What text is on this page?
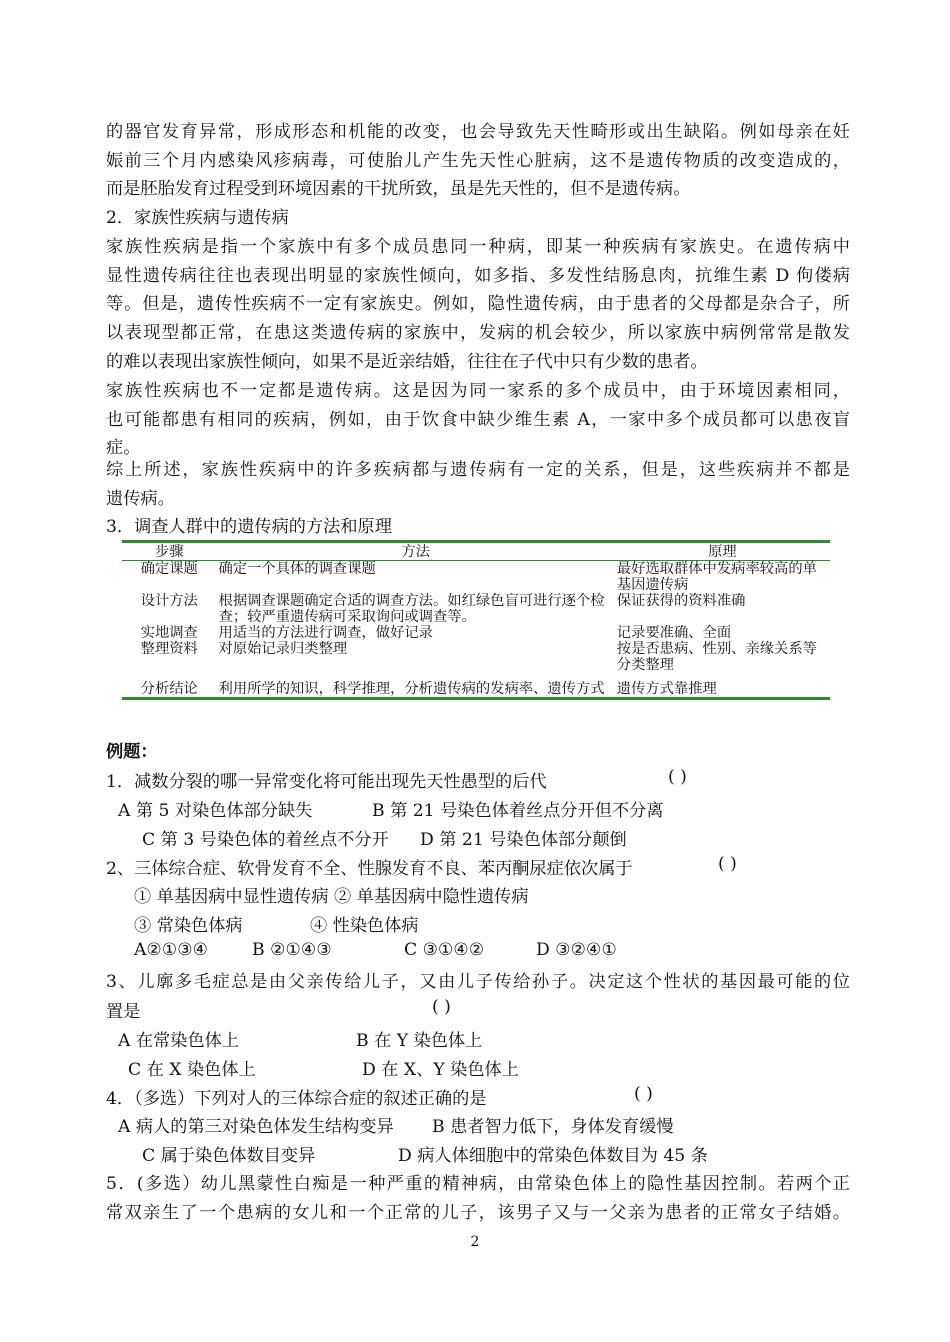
的器官发育异常，形成形态和机能的改变，也会导致先天性畸形或出生缺陷。例如母亲在妊
娠前三个月内感染风疹病毒，可使胎儿产生先天性心脏病，这不是遗传物质的改变造成的，
而是胚胎发育过程受到环境因素的干扰所致，虽是先天性的，但不是遗传病。
2．家族性疾病与遗传病
家族性疾病是指一个家族中有多个成员患同一种病，即某一种疾病有家族史。在遗传病中
显性遗传病往往也表现出明显的家族性倾向，如多指、多发性结肠息肉，抗维生素 D 佝偻病
等。但是，遗传性疾病不一定有家族史。例如，隐性遗传病，由于患者的父母都是杂合子，所
以表现型都正常，在患这类遗传病的家族中，发病的机会较少，所以家族中病例常常是散发
的难以表现出家族性倾向，如果不是近亲结婚，往往在子代中只有少数的患者。
家族性疾病也不一定都是遗传病。这是因为同一家系的多个成员中，由于环境因素相同，
也可能都患有相同的疾病，例如，由于饮食中缺少维生素 A，一家中多个成员都可以患夜盲
症。
综上所述，家族性疾病中的许多疾病都与遗传病有一定的关系，但是，这些疾病并不都是
遗传病。
3．调查人群中的遗传病的方法和原理
步骤	方法	原理
确定课题	确定一个具体的调查课题	最好选取群体中发病率较高的单基因遗传病
设计方法	根据调查课题确定合适的调查方法。如红绿色盲可进行逐个检查；较严重遗传病可采取询问或调查等。	保证获得的资料准确
实地调查	用适当的方法进行调查，做好记录	记录要准确、全面
整理资料	对原始记录归类整理	按是否患病、性别、亲缘关系等分类整理
分析结论	利用所学的知识，科学推理，分析遗传病的发病率、遗传方式	遗传方式靠推理
例题：
1．减数分裂的哪一异常变化将可能出现先天性愚型的后代	( )
A 第 5 对染色体部分缺失	B 第 21 号染色体着丝点分开但不分离
C 第 3 号染色体的着丝点不分开 D 第 21 号染色体部分颠倒
2、三体综合症、软骨发育不全、性腺发育不良、苯丙酮尿症依次属于	( )
① 单基因病中显性遗传病 ② 单基因病中隐性遗传病
③ 常染色体病	④ 性染色体病
A②①③④	B ②①④③	C ③①④②	D ③②④①
3、儿廓多毛症总是由父亲传给儿子，又由儿子传给孙子。决定这个性状的基因最可能的位
置是	( )
A 在常染色体上	B 在 Y 染色体上
C 在 X 染色体上	D 在 X、Y 染色体上
4．（多选）下列对人的三体综合症的叙述正确的是	( )
A 病人的第三对染色体发生结构变异 B 患者智力低下，身体发育缓慢
C 属于染色体数目变异	D 病人体细胞中的常染色体数目为 45 条
5．(多选）幼儿黑蒙性白痴是一种严重的精神病，由常染色体上的隐性基因控制。若两个正
常双亲生了一个患病的女儿和一个正常的儿子，该男子又与一父亲为患者的正常女子结婚。
2
